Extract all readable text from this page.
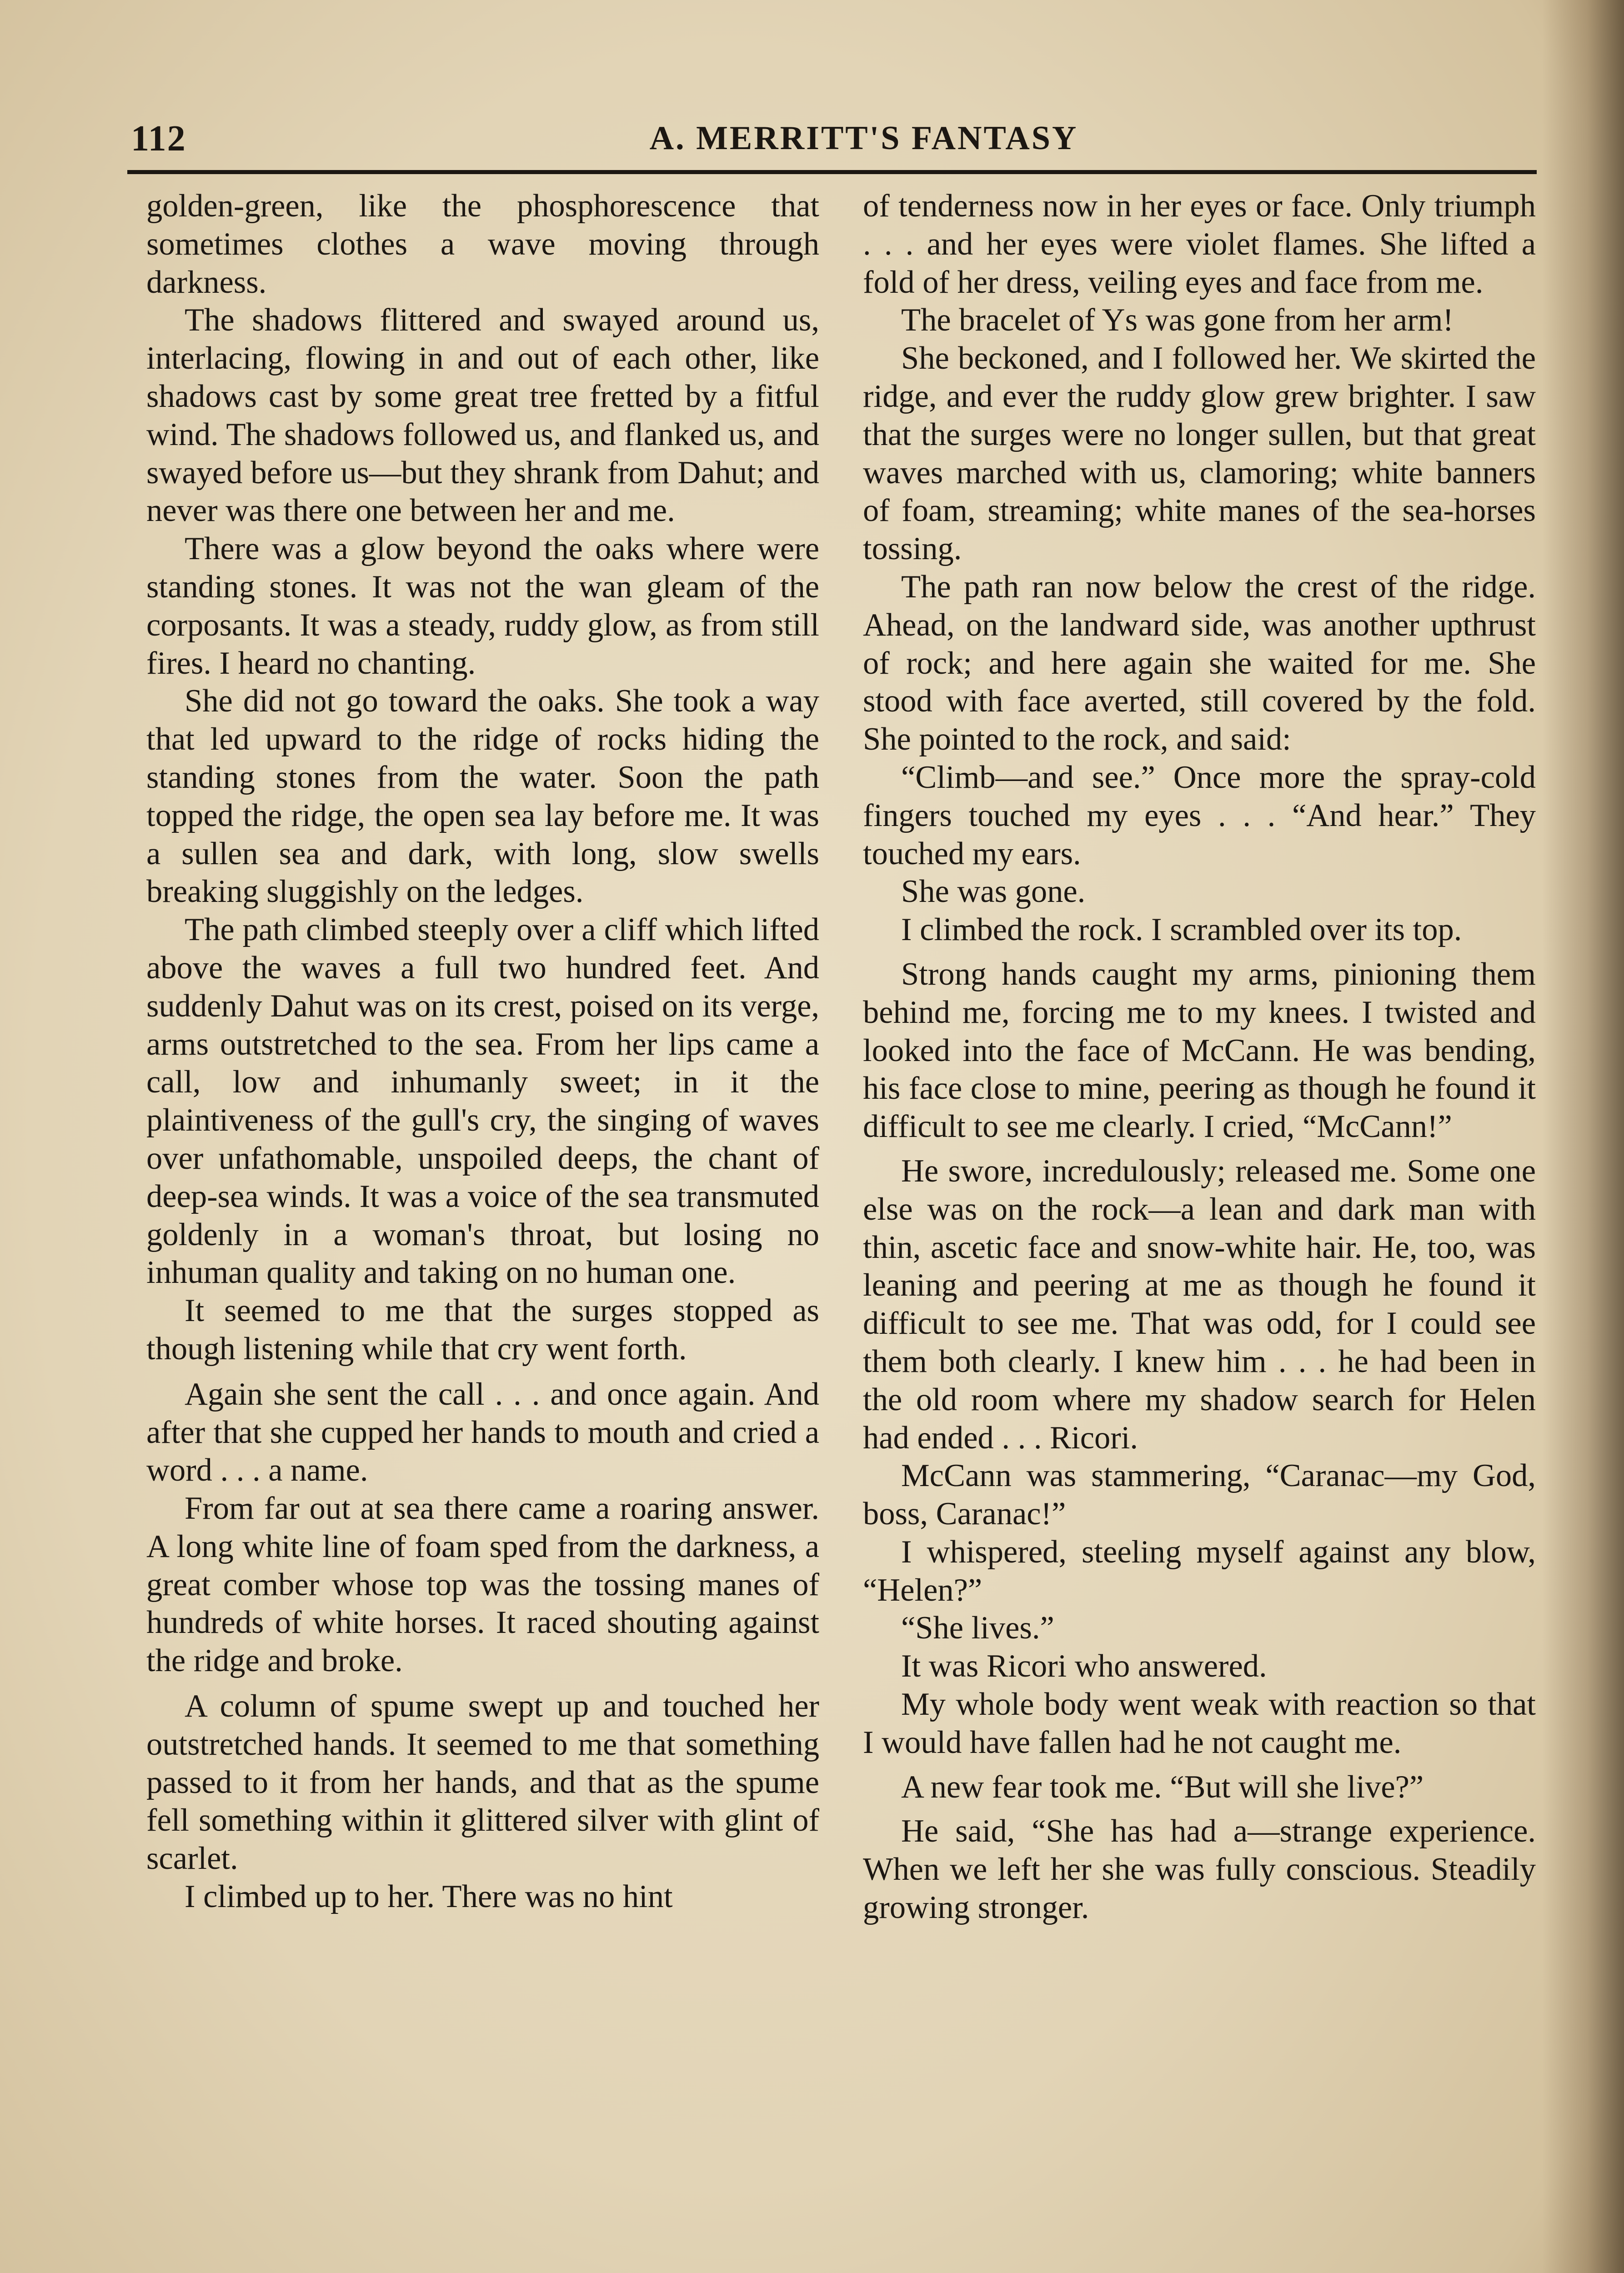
112	A. MERRITT'S FANTASY

golden-green, like the phosphorescence that sometimes clothes a wave moving through darkness.

The shadows flittered and swayed around us, interlacing, flowing in and out of each other, like shadows cast by some great tree fretted by a fitful wind. The shadows followed us, and flanked us, and swayed before us—but they shrank from Dahut; and never was there one between her and me.

There was a glow beyond the oaks where were standing stones. It was not the wan gleam of the corposants. It was a steady, ruddy glow, as from still fires. I heard no chanting.

She did not go toward the oaks. She took a way that led upward to the ridge of rocks hiding the standing stones from the water. Soon the path topped the ridge, the open sea lay before me. It was a sullen sea and dark, with long, slow swells breaking sluggishly on the ledges.

The path climbed steeply over a cliff which lifted above the waves a full two hundred feet. And suddenly Dahut was on its crest, poised on its verge, arms outstretched to the sea. From her lips came a call, low and inhumanly sweet; in it the plaintiveness of the gull's cry, the singing of waves over unfathomable, unspoiled deeps, the chant of deep-sea winds. It was a voice of the sea transmuted goldenly in a woman's throat, but losing no inhuman quality and taking on no human one.

It seemed to me that the surges stopped as though listening while that cry went forth.

Again she sent the call . . . and once again. And after that she cupped her hands to mouth and cried a word . . . a name.

From far out at sea there came a roaring answer. A long white line of foam sped from the darkness, a great comber whose top was the tossing manes of hundreds of white horses. It raced shouting against the ridge and broke.

A column of spume swept up and touched her outstretched hands. It seemed to me that something passed to it from her hands, and that as the spume fell something within it glittered silver with glint of scarlet.

I climbed up to her. There was no hint

of tenderness now in her eyes or face. Only triumph . . . and her eyes were violet flames. She lifted a fold of her dress, veiling eyes and face from me.

The bracelet of Ys was gone from her arm!

She beckoned, and I followed her. We skirted the ridge, and ever the ruddy glow grew brighter. I saw that the surges were no longer sullen, but that great waves marched with us, clamoring; white banners of foam, streaming; white manes of the sea-horses tossing.

The path ran now below the crest of the ridge. Ahead, on the landward side, was another upthrust of rock; and here again she waited for me. She stood with face averted, still covered by the fold. She pointed to the rock, and said:

“Climb—and see.” Once more the spray-cold fingers touched my eyes . . . “And hear.” They touched my ears.

She was gone.

I climbed the rock. I scrambled over its top.

Strong hands caught my arms, pinioning them behind me, forcing me to my knees. I twisted and looked into the face of McCann. He was bending, his face close to mine, peering as though he found it difficult to see me clearly. I cried, “McCann!”

He swore, incredulously; released me. Some one else was on the rock—a lean and dark man with thin, ascetic face and snow-white hair. He, too, was leaning and peering at me as though he found it difficult to see me. That was odd, for I could see them both clearly. I knew him . . . he had been in the old room where my shadow search for Helen had ended . . . Ricori.

McCann was stammering, “Caranac—my God, boss, Caranac!”

I whispered, steeling myself against any blow, “Helen?”

“She lives.”

It was Ricori who answered.

My whole body went weak with reaction so that I would have fallen had he not caught me.

A new fear took me. “But will she live?”

He said, “She has had a—strange experience. When we left her she was fully conscious. Steadily growing stronger.
